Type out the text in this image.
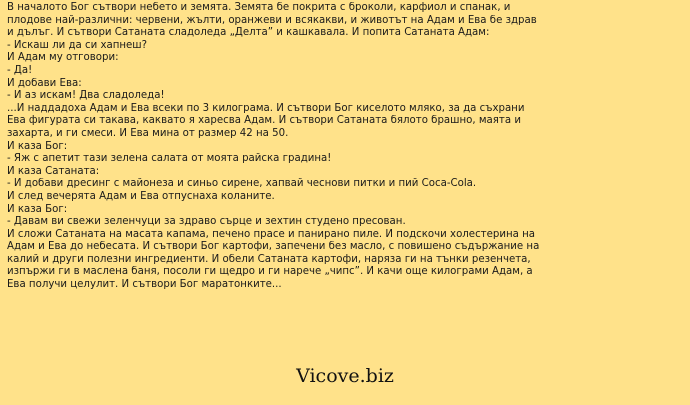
В началото Бог сътвори небето и земята. Земята бе покрита с броколи, карфиол и спанак, и
плодове най-различни: червени, жълти, оранжеви и всякакви, и животът на Адам и Ева бе здрав
и дълъг. И сътвори Сатаната сладоледа „Делта” и кашкавала. И попита Сатаната Адам:
- Искаш ли да си хапнеш?
И Адам му отговори:
- Да!
И добави Ева:
- И аз искам! Два сладоледа!
...И наддадоха Адам и Ева всеки по 3 килограма. И сътвори Бог киселото мляко, за да съхрани
Ева фигурата си такава, каквато я харесва Адам. И сътвори Сатаната бялото брашно, маята и
захарта, и ги смеси. И Ева мина от размер 42 на 50.
И каза Бог:
- Яж с апетит тази зелена салата от моята райска градина!
И каза Сатаната:
- И добави дресинг с майонеза и синьо сирене, хапвай чеснови питки и пий Coca-Cola.
И след вечерята Адам и Ева отпуснаха коланите.
И каза Бог:
- Давам ви свежи зеленчуци за здраво сърце и зехтин студено пресован.
И сложи Сатаната на масата капама, печено прасе и панирано пиле. И подскочи холестерина на
Адам и Ева до небесата. И сътвори Бог картофи, запечени без масло, с повишено съдържание на
калий и други полезни ингредиенти. И обели Сатаната картофи, наряза ги на тънки резенчета,
изпържи ги в маслена баня, посоли ги щедро и ги нарече „чипс”. И качи още килограми Адам, а
Ева получи целулит. И сътвори Бог маратонките...
Vicove.biz
